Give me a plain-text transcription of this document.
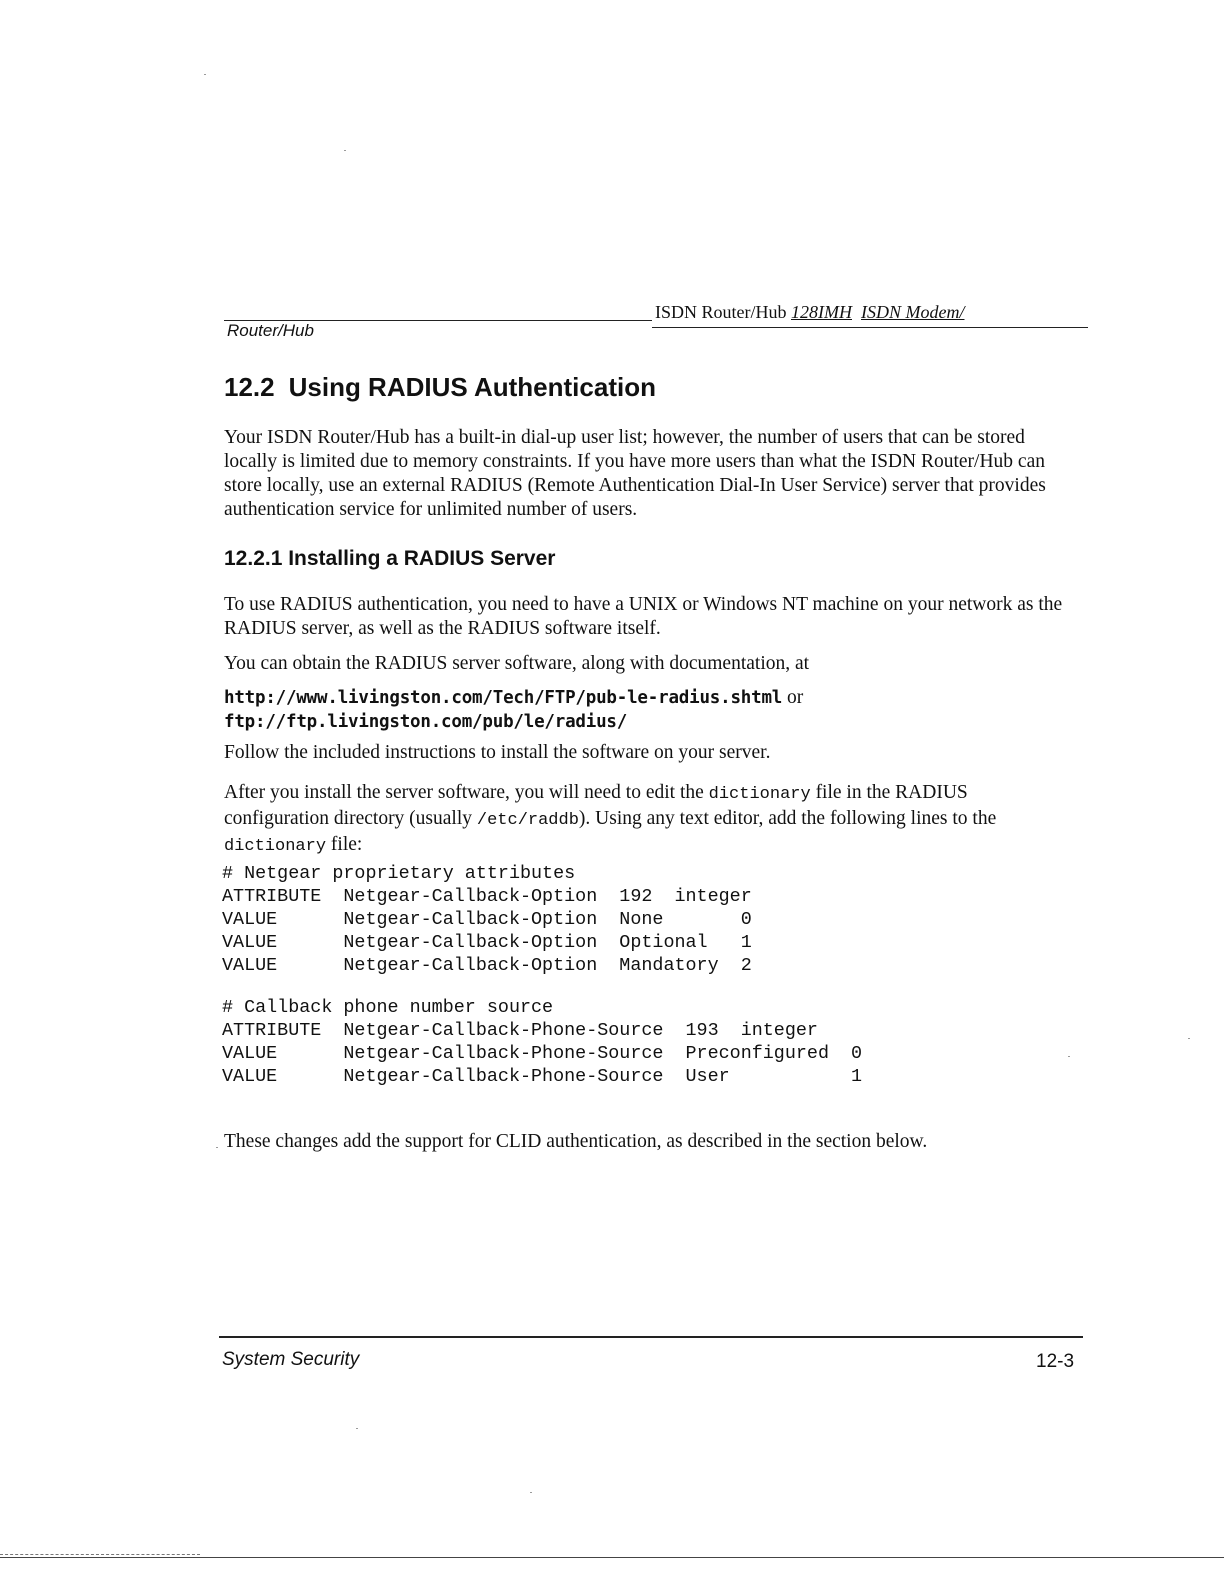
ISDN Router/Hub 128IMH ISDN Modem/
Router/Hub
12.2 Using RADIUS Authentication

Your ISDN Router/Hub has a built-in dial-up user list; however, the number of users that can be stored locally is limited due to memory constraints. If you have more users than what the ISDN Router/Hub can store locally, use an external RADIUS (Remote Authentication Dial-In User Service) server that provides authentication service for unlimited number of users.

12.2.1 Installing a RADIUS Server

To use RADIUS authentication, you need to have a UNIX or Windows NT machine on your network as the RADIUS server, as well as the RADIUS software itself.

You can obtain the RADIUS server software, along with documentation, at

http://www.livingston.com/Tech/FTP/pub-le-radius.shtml or
ftp://ftp.livingston.com/pub/le/radius/

Follow the included instructions to install the software on your server.

After you install the server software, you will need to edit the dictionary file in the RADIUS configuration directory (usually /etc/raddb). Using any text editor, add the following lines to the dictionary file:

# Netgear proprietary attributes
ATTRIBUTE  Netgear-Callback-Option  192  integer
VALUE      Netgear-Callback-Option  None       0
VALUE      Netgear-Callback-Option  Optional   1
VALUE      Netgear-Callback-Option  Mandatory  2
# Callback phone number source
ATTRIBUTE  Netgear-Callback-Phone-Source  193  integer
VALUE      Netgear-Callback-Phone-Source  Preconfigured  0
VALUE      Netgear-Callback-Phone-Source  User           1

These changes add the support for CLID authentication, as described in the section below.

System Security	12-3
